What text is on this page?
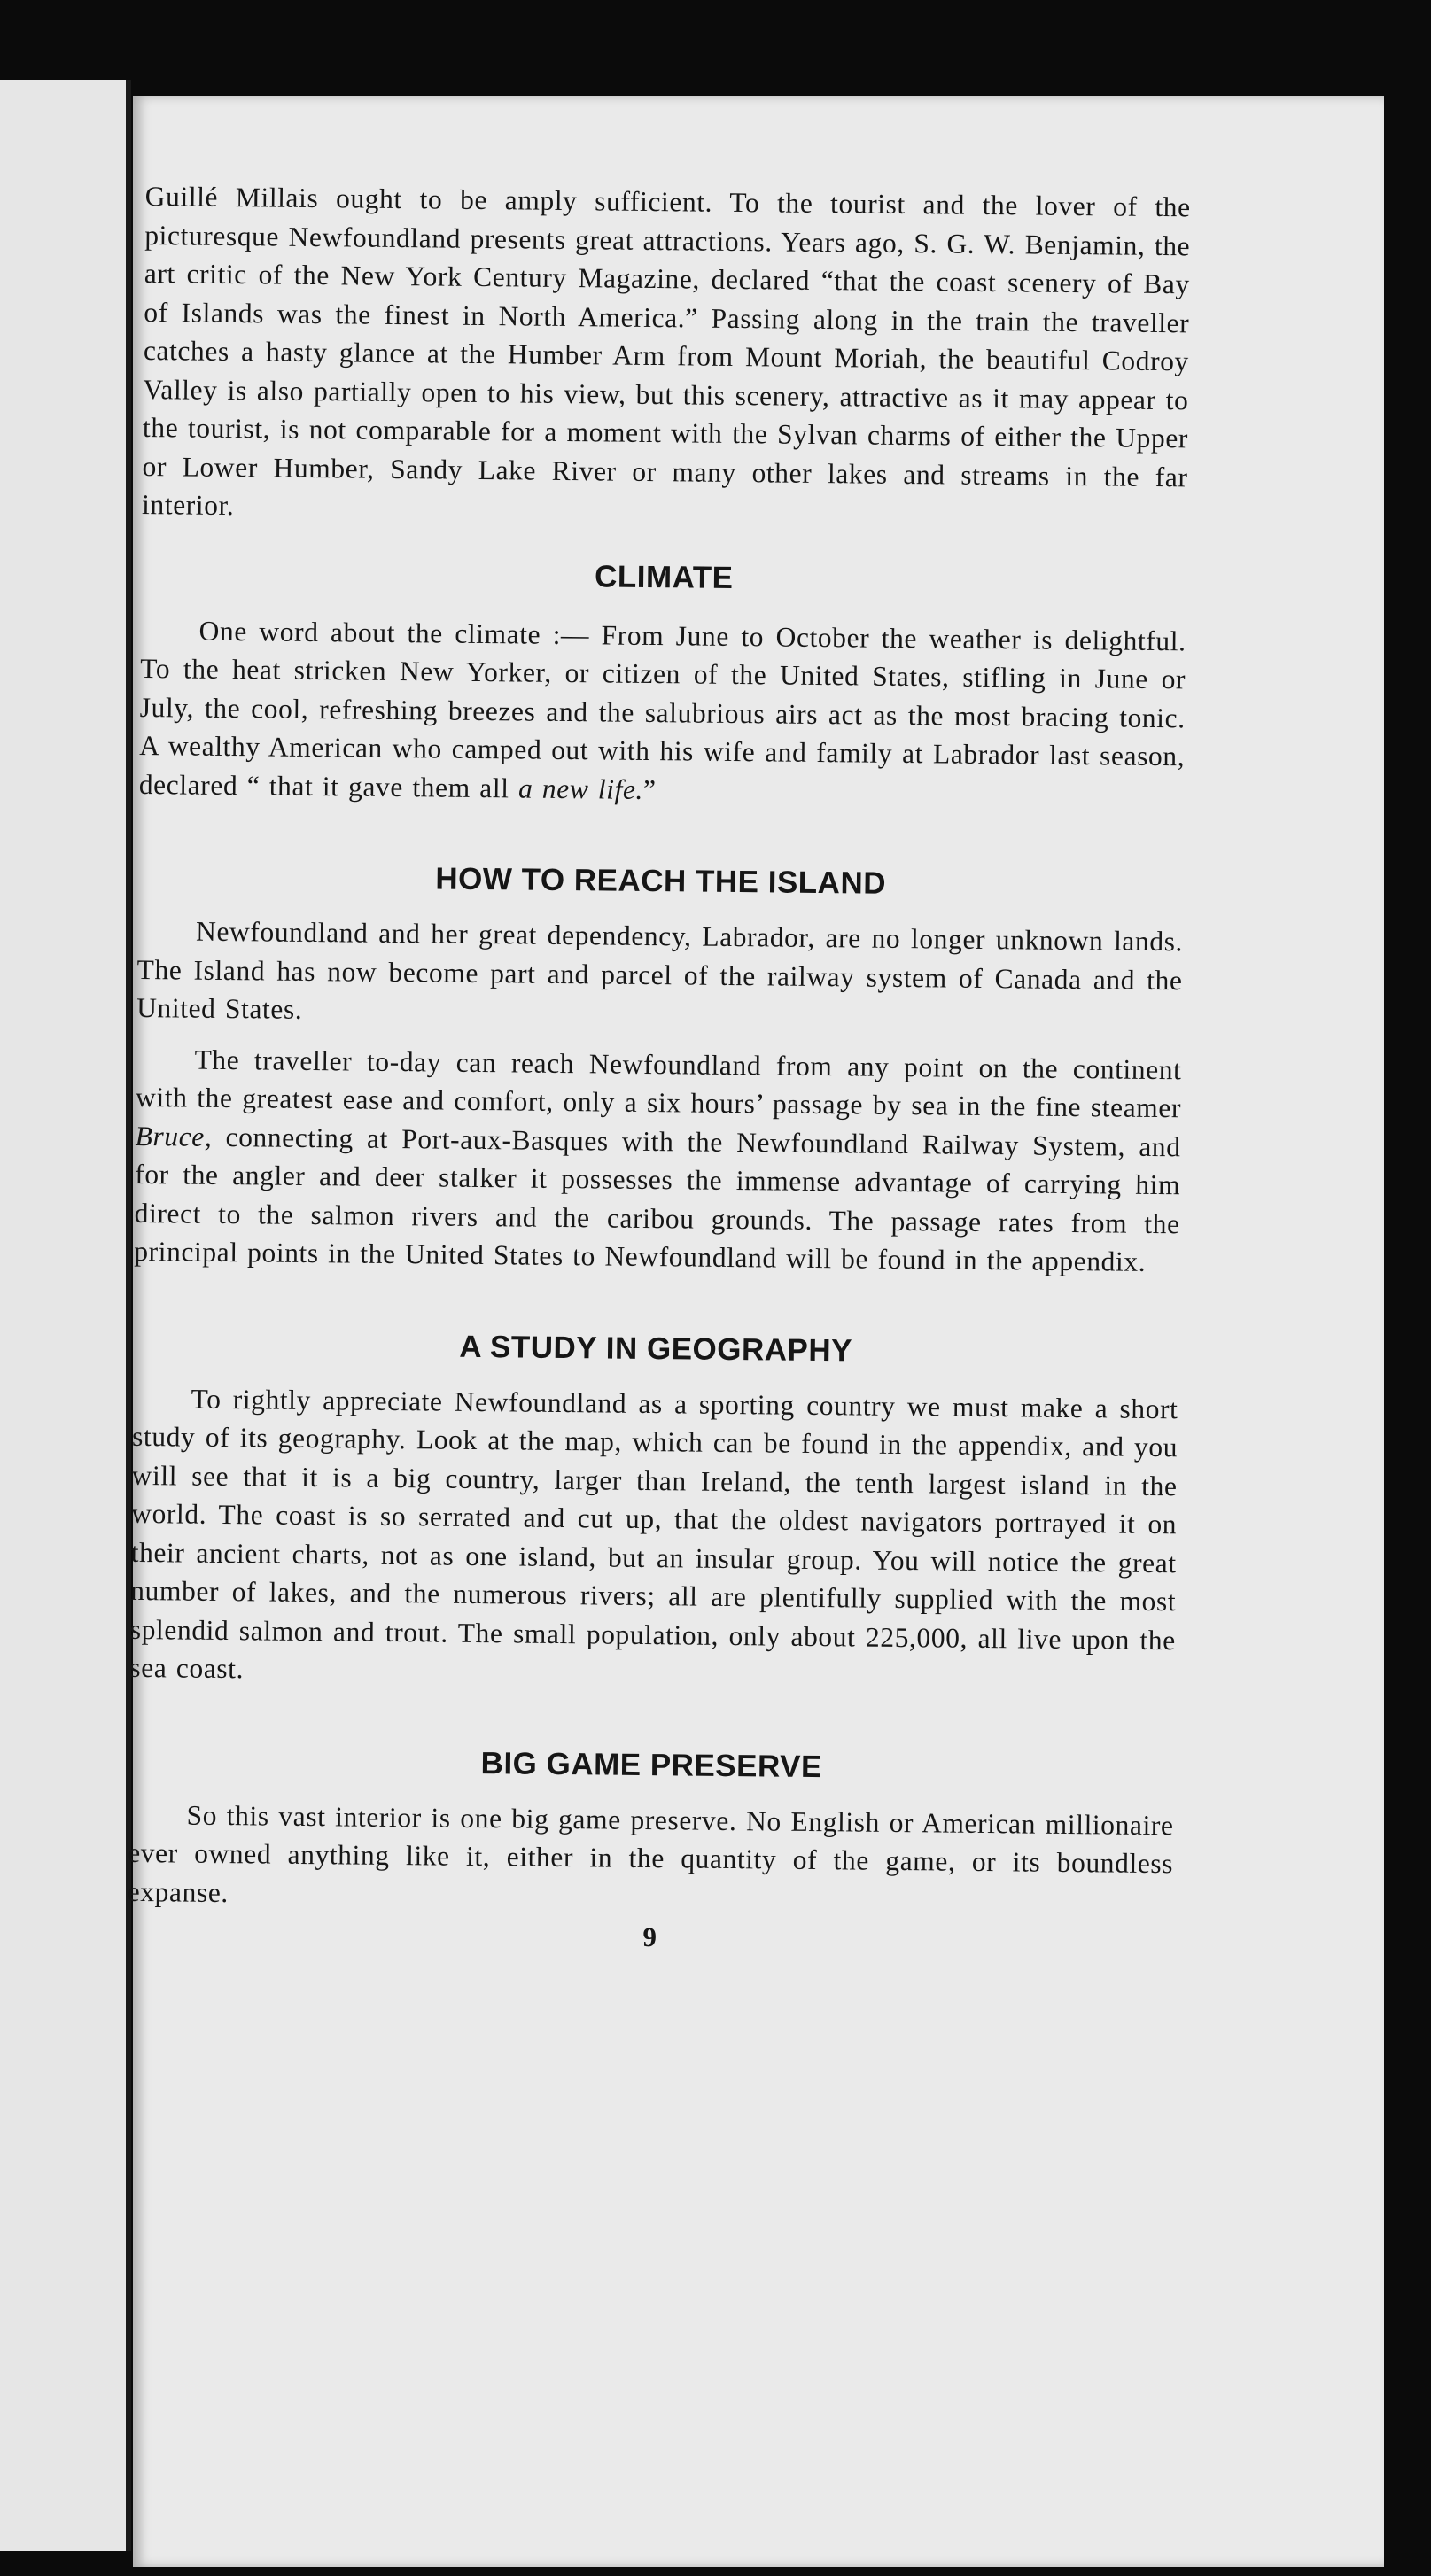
Guillé Millais ought to be amply sufficient. To the tourist and the lover of the picturesque Newfoundland presents great attractions. Years ago, S. G. W. Benjamin, the art critic of the New York Century Magazine, declared “that the coast scenery of Bay of Islands was the finest in North America.” Passing along in the train the traveller catches a hasty glance at the Humber Arm from Mount Moriah, the beautiful Codroy Valley is also partially open to his view, but this scenery, attractive as it may appear to the tourist, is not comparable for a moment with the Sylvan charms of either the Upper or Lower Humber, Sandy Lake River or many other lakes and streams in the far interior.

CLIMATE

One word about the climate :— From June to October the weather is delightful. To the heat stricken New Yorker, or citizen of the United States, stifling in June or July, the cool, refreshing breezes and the salubrious airs act as the most bracing tonic. A wealthy American who camped out with his wife and family at Labrador last season, declared “ that it gave them all a new life.”

HOW TO REACH THE ISLAND

Newfoundland and her great dependency, Labrador, are no longer unknown lands. The Island has now become part and parcel of the railway system of Canada and the United States.

The traveller to-day can reach Newfoundland from any point on the continent with the greatest ease and comfort, only a six hours’ passage by sea in the fine steamer Bruce, connecting at Port-aux-Basques with the Newfoundland Railway System, and for the angler and deer stalker it possesses the immense advantage of carrying him direct to the salmon rivers and the caribou grounds. The passage rates from the principal points in the United States to Newfoundland will be found in the appendix.

A STUDY IN GEOGRAPHY

To rightly appreciate Newfoundland as a sporting country we must make a short study of its geography. Look at the map, which can be found in the appendix, and you will see that it is a big country, larger than Ireland, the tenth largest island in the world. The coast is so serrated and cut up, that the oldest navigators portrayed it on their ancient charts, not as one island, but an insular group. You will notice the great number of lakes, and the numerous rivers; all are plentifully supplied with the most splendid salmon and trout. The small population, only about 225,000, all live upon the sea coast.

BIG GAME PRESERVE

So this vast interior is one big game preserve. No English or American millionaire ever owned anything like it, either in the quantity of the game, or its boundless expanse.

9
